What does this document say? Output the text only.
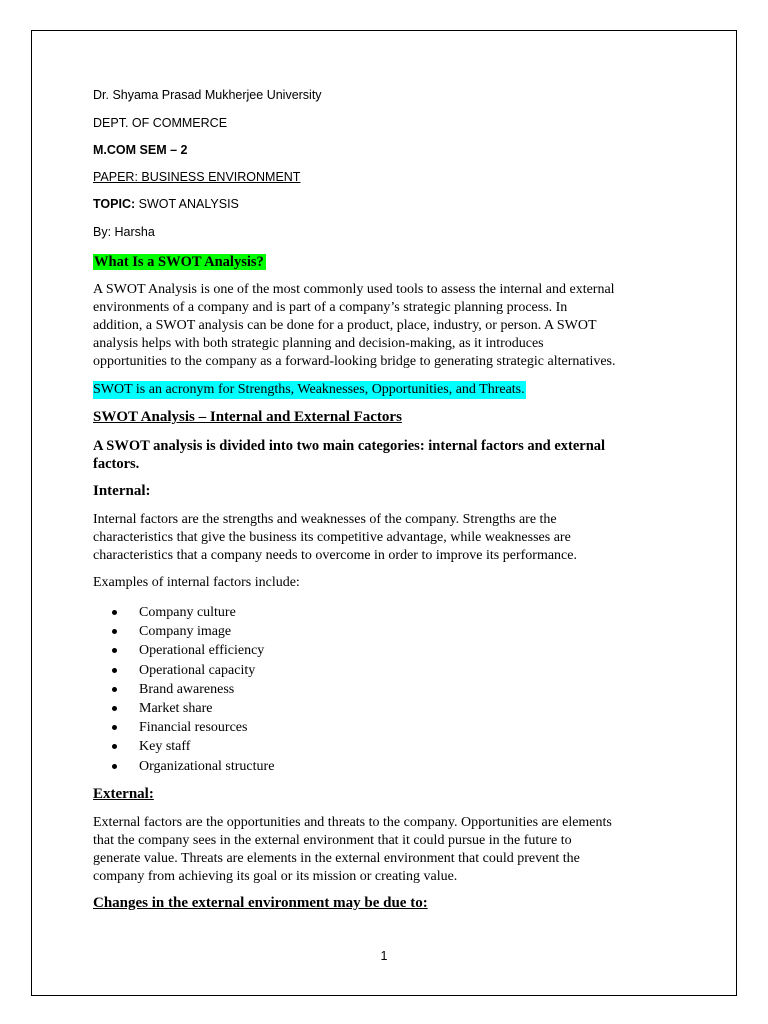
Dr. Shyama Prasad Mukherjee University
DEPT. OF COMMERCE
M.COM SEM – 2
PAPER: BUSINESS ENVIRONMENT
TOPIC: SWOT ANALYSIS
By: Harsha
What Is a SWOT Analysis?
A SWOT Analysis is one of the most commonly used tools to assess the internal and external
environments of a company and is part of a company’s strategic planning process. In
addition, a SWOT analysis can be done for a product, place, industry, or person. A SWOT
analysis helps with both strategic planning and decision-making, as it introduces
opportunities to the company as a forward-looking bridge to generating strategic alternatives.
SWOT is an acronym for Strengths, Weaknesses, Opportunities, and Threats.
SWOT Analysis – Internal and External Factors
A SWOT analysis is divided into two main categories: internal factors and external
factors.
Internal:
Internal factors are the strengths and weaknesses of the company. Strengths are the
characteristics that give the business its competitive advantage, while weaknesses are
characteristics that a company needs to overcome in order to improve its performance.
Examples of internal factors include:
Company culture
Company image
Operational efficiency
Operational capacity
Brand awareness
Market share
Financial resources
Key staff
Organizational structure
External:
External factors are the opportunities and threats to the company. Opportunities are elements
that the company sees in the external environment that it could pursue in the future to
generate value. Threats are elements in the external environment that could prevent the
company from achieving its goal or its mission or creating value.
Changes in the external environment may be due to:
1
